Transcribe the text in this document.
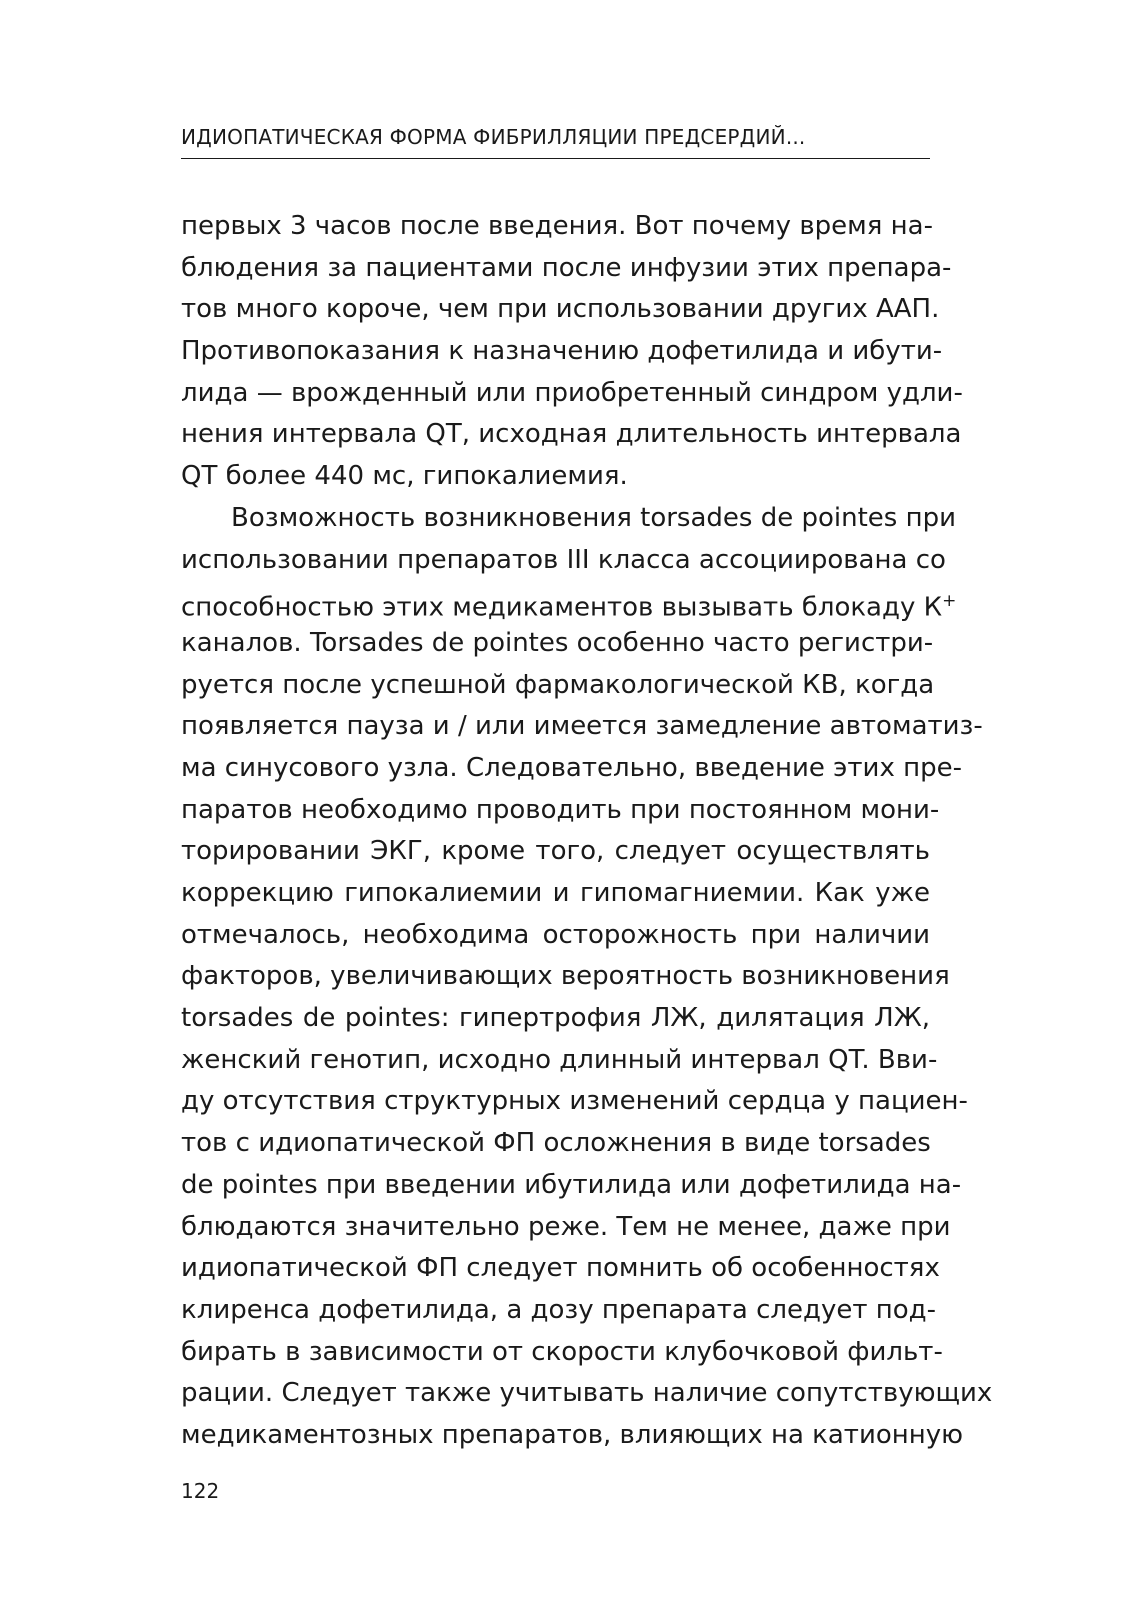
ИДИОПАТИЧЕСКАЯ ФОРМА ФИБРИЛЛЯЦИИ ПРЕДСЕРДИЙ...
первых 3 часов после введения. Вот почему время на-
блюдения за пациентами после инфузии этих препара-
тов много короче, чем при использовании других ААП.
Противопоказания к назначению дофетилида и ибути-
лида — врожденный или приобретенный синдром удли-
нения интервала QT, исходная длительность интервала
QT более 440 мс, гипокалиемия.
Возможность возникновения torsades de pointes при
использовании препаратов III класса ассоциирована со
способностью этих медикаментов вызывать блокаду К+
каналов. Torsades de pointes особенно часто регистри-
руется после успешной фармакологической КВ, когда
появляется пауза и / или имеется замедление автоматиз-
ма синусового узла. Следовательно, введение этих пре-
паратов необходимо проводить при постоянном мони-
торировании ЭКГ, кроме того, следует осуществлять
коррекцию гипокалиемии и гипомагниемии. Как уже
отмечалось, необходима осторожность при наличии
факторов, увеличивающих вероятность возникновения
torsades de pointes: гипертрофия ЛЖ, дилятация ЛЖ,
женский генотип, исходно длинный интервал QT. Вви-
ду отсутствия структурных изменений сердца у пациен-
тов с идиопатической ФП осложнения в виде torsades
de pointes при введении ибутилида или дофетилида на-
блюдаются значительно реже. Тем не менее, даже при
идиопатической ФП следует помнить об особенностях
клиренса дофетилида, а дозу препарата следует под-
бирать в зависимости от скорости клубочковой фильт-
рации. Следует также учитывать наличие сопутствующих
медикаментозных препаратов, влияющих на катионную
122
